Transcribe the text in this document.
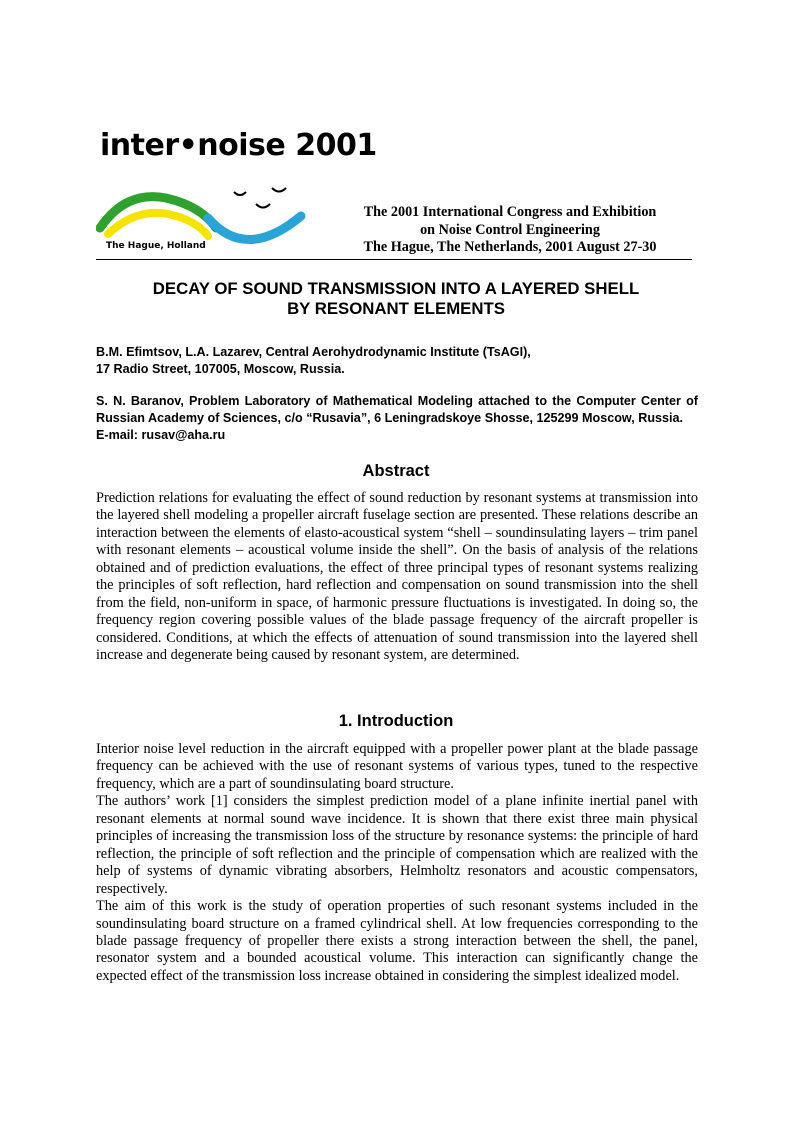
inter•noise 2001
The Hague, Holland
The 2001 International Congress and Exhibition
on Noise Control Engineering
The Hague, The Netherlands, 2001 August 27-30
DECAY OF SOUND TRANSMISSION INTO A LAYERED SHELL
BY RESONANT ELEMENTS
B.M. Efimtsov, L.A. Lazarev, Central Aerohydrodynamic Institute (TsAGI),
17 Radio Street, 107005, Moscow, Russia.
S. N. Baranov, Problem Laboratory of Mathematical Modeling attached to the Computer Center of Russian Academy of Sciences, c/o “Rusavia”, 6 Leningradskoye Shosse, 125299 Moscow, Russia.
E-mail: rusav@aha.ru
Abstract

Prediction relations for evaluating the effect of sound reduction by resonant systems at transmission into the layered shell modeling a propeller aircraft fuselage section are presented. These relations describe an interaction between the elements of elasto-acoustical system “shell – soundinsulating layers – trim panel with resonant elements – acoustical volume inside the shell”. On the basis of analysis of the relations obtained and of prediction evaluations, the effect of three principal types of resonant systems realizing the principles of soft reflection, hard reflection and compensation on sound transmission into the shell from the field, non-uniform in space, of harmonic pressure fluctuations is investigated. In doing so, the frequency region covering possible values of the blade passage frequency of the aircraft propeller is considered. Conditions, at which the effects of attenuation of sound transmission into the layered shell increase and degenerate being caused by resonant system, are determined.

1. Introduction

Interior noise level reduction in the aircraft equipped with a propeller power plant at the blade passage frequency can be achieved with the use of resonant systems of various types, tuned to the respective frequency, which are a part of soundinsulating board structure.

The authors’ work [1] considers the simplest prediction model of a plane infinite inertial panel with resonant elements at normal sound wave incidence. It is shown that there exist three main physical principles of increasing the transmission loss of the structure by resonance systems: the principle of hard reflection, the principle of soft reflection and the principle of compensation which are realized with the help of systems of dynamic vibrating absorbers, Helmholtz resonators and acoustic compensators, respectively.

The aim of this work is the study of operation properties of such resonant systems included in the soundinsulating board structure on a framed cylindrical shell. At low frequencies corresponding to the blade passage frequency of propeller there exists a strong interaction between the shell, the panel, resonator system and a bounded acoustical volume. This interaction can significantly change the expected effect of the transmission loss increase obtained in considering the simplest idealized model.
